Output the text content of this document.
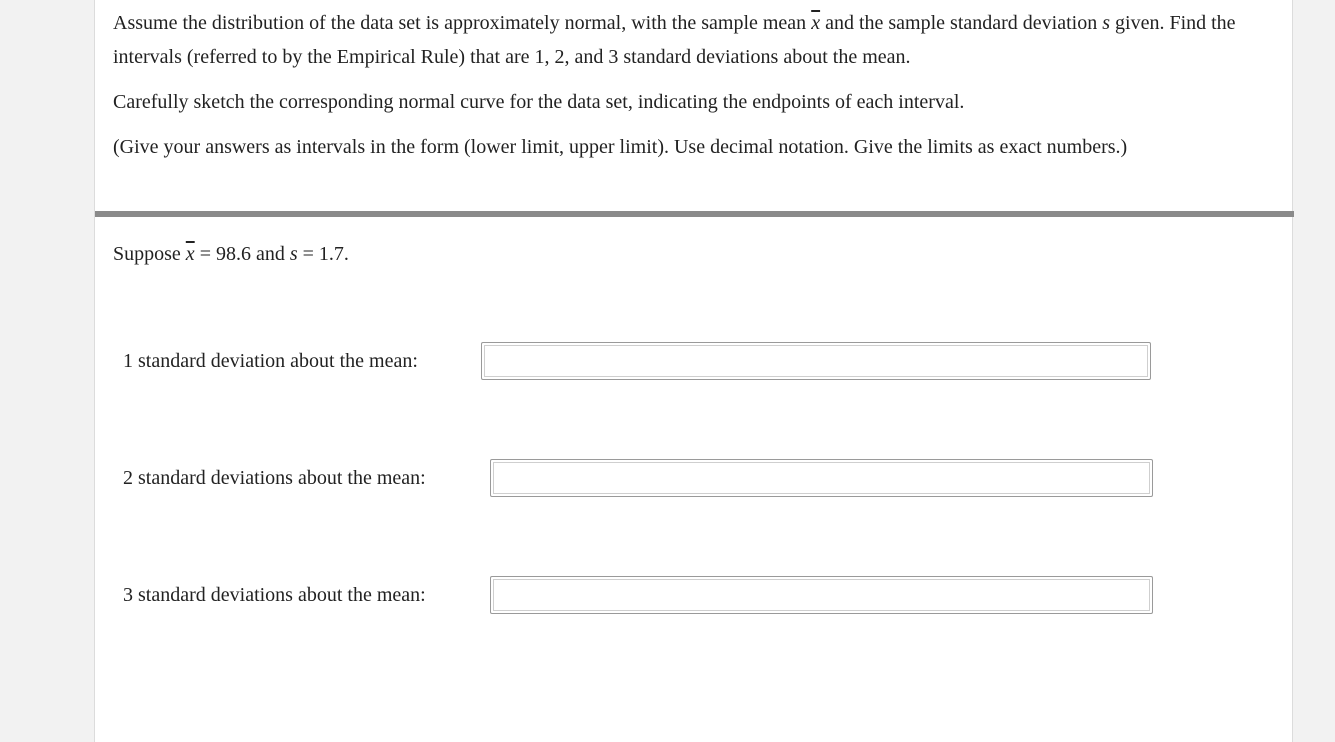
Assume the distribution of the data set is approximately normal, with the sample mean $\overline{x}$ and the sample standard deviation s given. Find the intervals (referred to by the Empirical Rule) that are 1, 2, and 3 standard deviations about the mean.

Carefully sketch the corresponding normal curve for the data set, indicating the endpoints of each interval.

(Give your answers as intervals in the form (lower limit, upper limit). Use decimal notation. Give the limits as exact numbers.)

Suppose $\overline{x} = 98.6$ and s = 1.7.
1 standard deviation about the mean:
2 standard deviations about the mean:
3 standard deviations about the mean:
